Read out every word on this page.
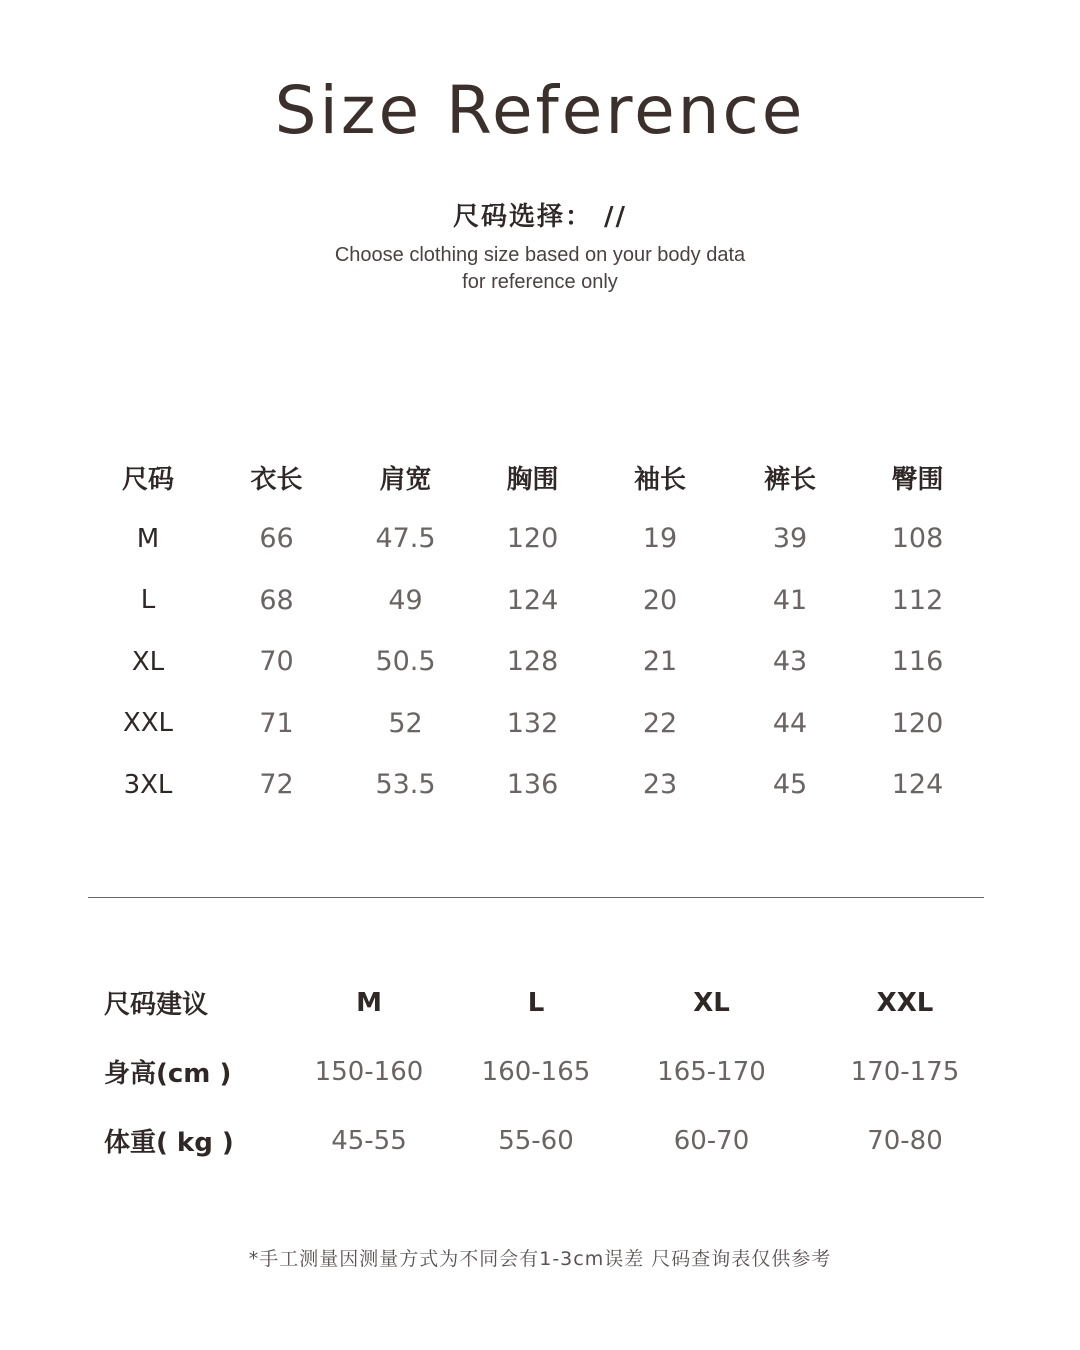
Size Reference
尺码选择： //
Choose clothing size based on your body data
for reference only
尺码	衣长	肩宽	胸围	袖长	裤长	臀围
M	66	47.5	120	19	39	108
L	68	49	124	20	41	112
XL	70	50.5	128	21	43	116
XXL	71	52	132	22	44	120
3XL	72	53.5	136	23	45	124
尺码建议	M	L	XL	XXL
身高(cm )	150-160	160-165	165-170	170-175
体重( kg )	45-55	55-60	60-70	70-80
*手工测量因测量方式为不同会有1-3cm误差 尺码查询表仅供参考
